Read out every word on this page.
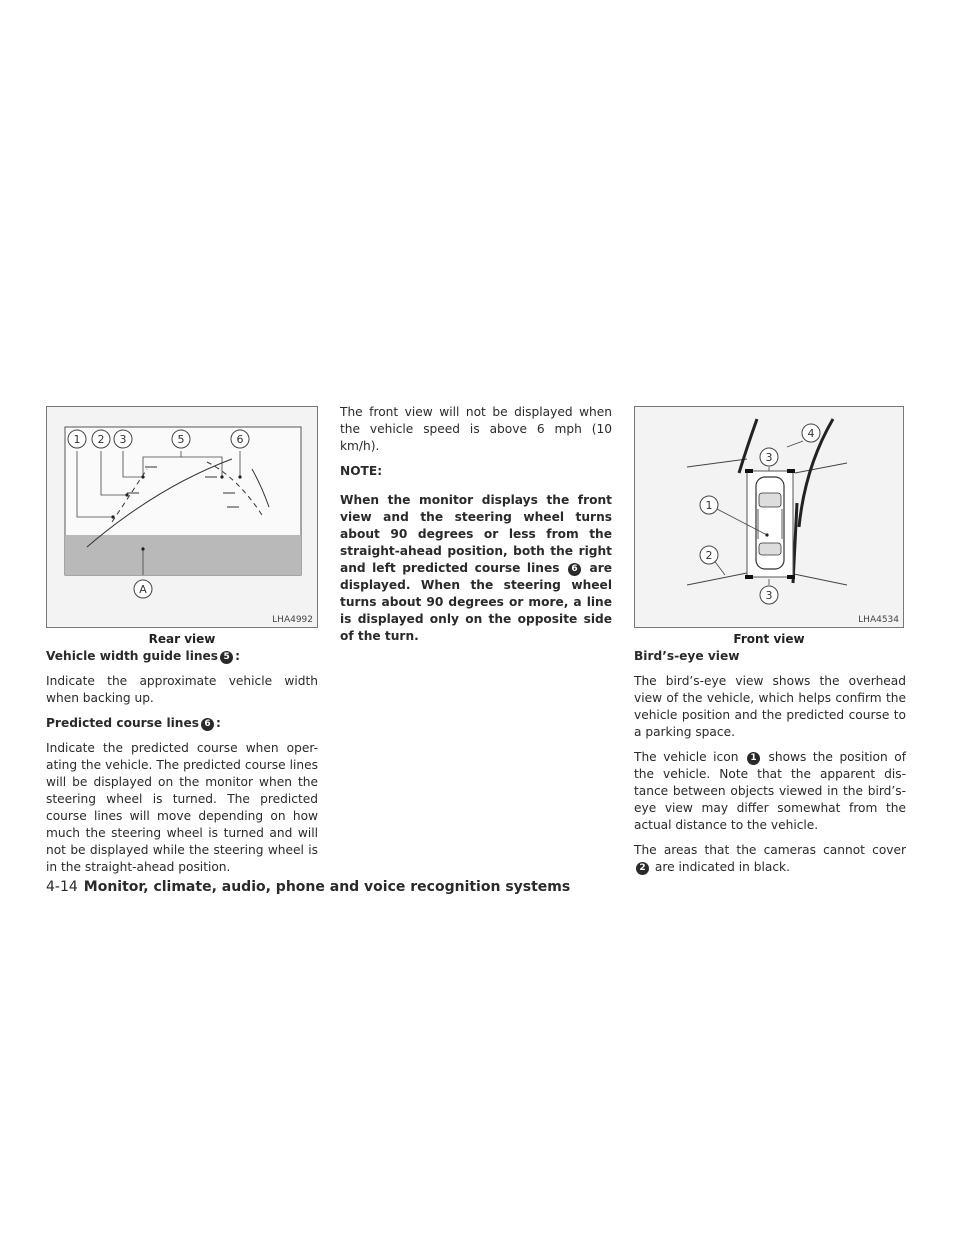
1 2 3	5	6
A
LHA4992
Rear view
4
3
1
2
3
LHA4534
Front view
Vehicle width guide lines 5 :

Indicate the approximate vehicle width when backing up.

Predicted course lines 6 :

Indicate the predicted course when oper-ating the vehicle. The predicted course lines will be displayed on the monitor when the steering wheel is turned. The predicted course lines will move depending on how much the steering wheel is turned and will not be displayed while the steering wheel is in the straight-ahead position.

The front view will not be displayed when the vehicle speed is above 6 mph (10 km/h).

NOTE:
When the monitor displays the front view and the steering wheel turns about 90 degrees or less from the straight-ahead position, both the right and left predicted course lines 6 are displayed. When the steering wheel turns about 90 degrees or more, a line is displayed only on the opposite side of the turn.
Bird’s-eye view

The bird’s-eye view shows the overhead view of the vehicle, which helps confirm the vehicle position and the predicted course to a parking space.

The vehicle icon 1 shows the position of the vehicle. Note that the apparent dis-tance between objects viewed in the bird’s-eye view may differ somewhat from the actual distance to the vehicle.

The areas that the cameras cannot cover 2 are indicated in black.

4-14 Monitor, climate, audio, phone and voice recognition systems
